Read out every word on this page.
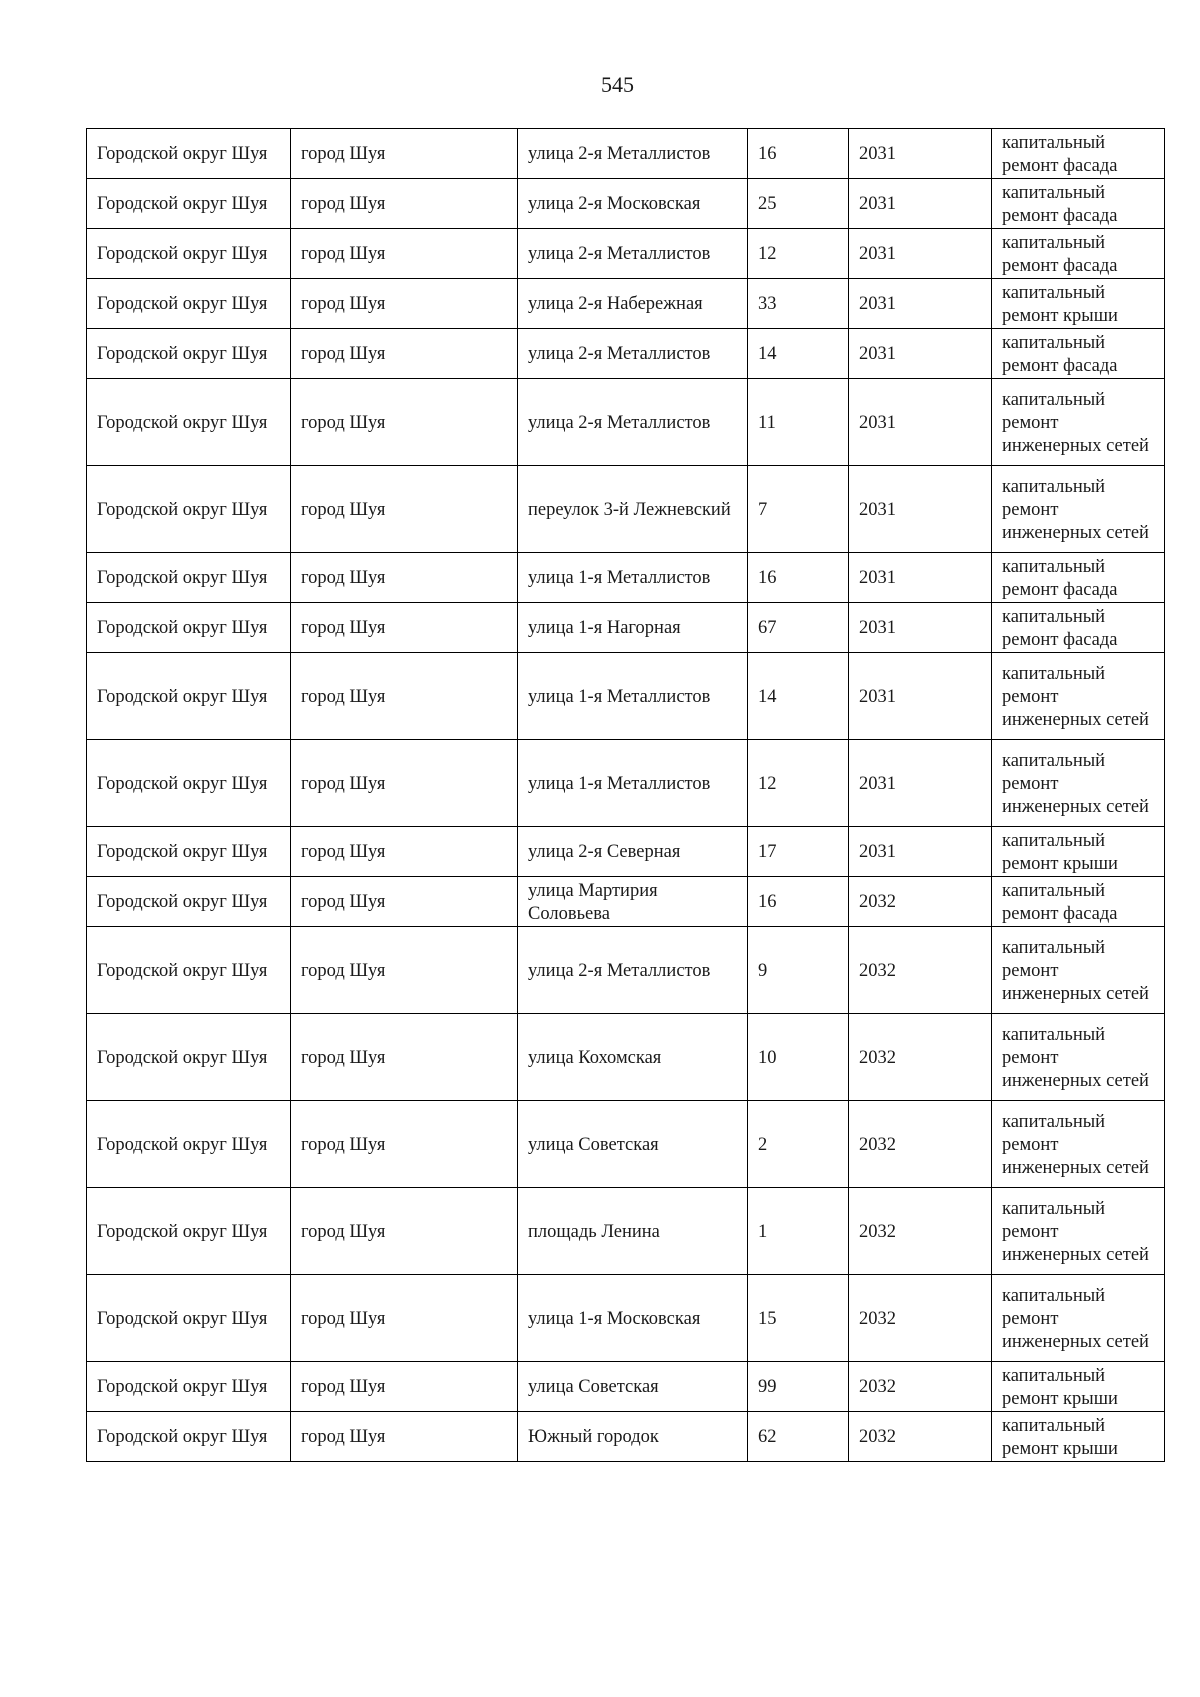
545
Городской округ Шуя	город Шуя	улица 2-я Металлистов	16	2031	капитальный ремонт фасада
Городской округ Шуя	город Шуя	улица 2-я Московская	25	2031	капитальный ремонт фасада
Городской округ Шуя	город Шуя	улица 2-я Металлистов	12	2031	капитальный ремонт фасада
Городской округ Шуя	город Шуя	улица 2-я Набережная	33	2031	капитальный ремонт крыши
Городской округ Шуя	город Шуя	улица 2-я Металлистов	14	2031	капитальный ремонт фасада
Городской округ Шуя	город Шуя	улица 2-я Металлистов	11	2031	капитальный ремонт инженерных сетей
Городской округ Шуя	город Шуя	переулок 3-й Лежневский	7	2031	капитальный ремонт инженерных сетей
Городской округ Шуя	город Шуя	улица 1-я Металлистов	16	2031	капитальный ремонт фасада
Городской округ Шуя	город Шуя	улица 1-я Нагорная	67	2031	капитальный ремонт фасада
Городской округ Шуя	город Шуя	улица 1-я Металлистов	14	2031	капитальный ремонт инженерных сетей
Городской округ Шуя	город Шуя	улица 1-я Металлистов	12	2031	капитальный ремонт инженерных сетей
Городской округ Шуя	город Шуя	улица 2-я Северная	17	2031	капитальный ремонт крыши
Городской округ Шуя	город Шуя	улица Мартирия Соловьева	16	2032	капитальный ремонт фасада
Городской округ Шуя	город Шуя	улица 2-я Металлистов	9	2032	капитальный ремонт инженерных сетей
Городской округ Шуя	город Шуя	улица Кохомская	10	2032	капитальный ремонт инженерных сетей
Городской округ Шуя	город Шуя	улица Советская	2	2032	капитальный ремонт инженерных сетей
Городской округ Шуя	город Шуя	площадь Ленина	1	2032	капитальный ремонт инженерных сетей
Городской округ Шуя	город Шуя	улица 1-я Московская	15	2032	капитальный ремонт инженерных сетей
Городской округ Шуя	город Шуя	улица Советская	99	2032	капитальный ремонт крыши
Городской округ Шуя	город Шуя	Южный городок	62	2032	капитальный ремонт крыши
